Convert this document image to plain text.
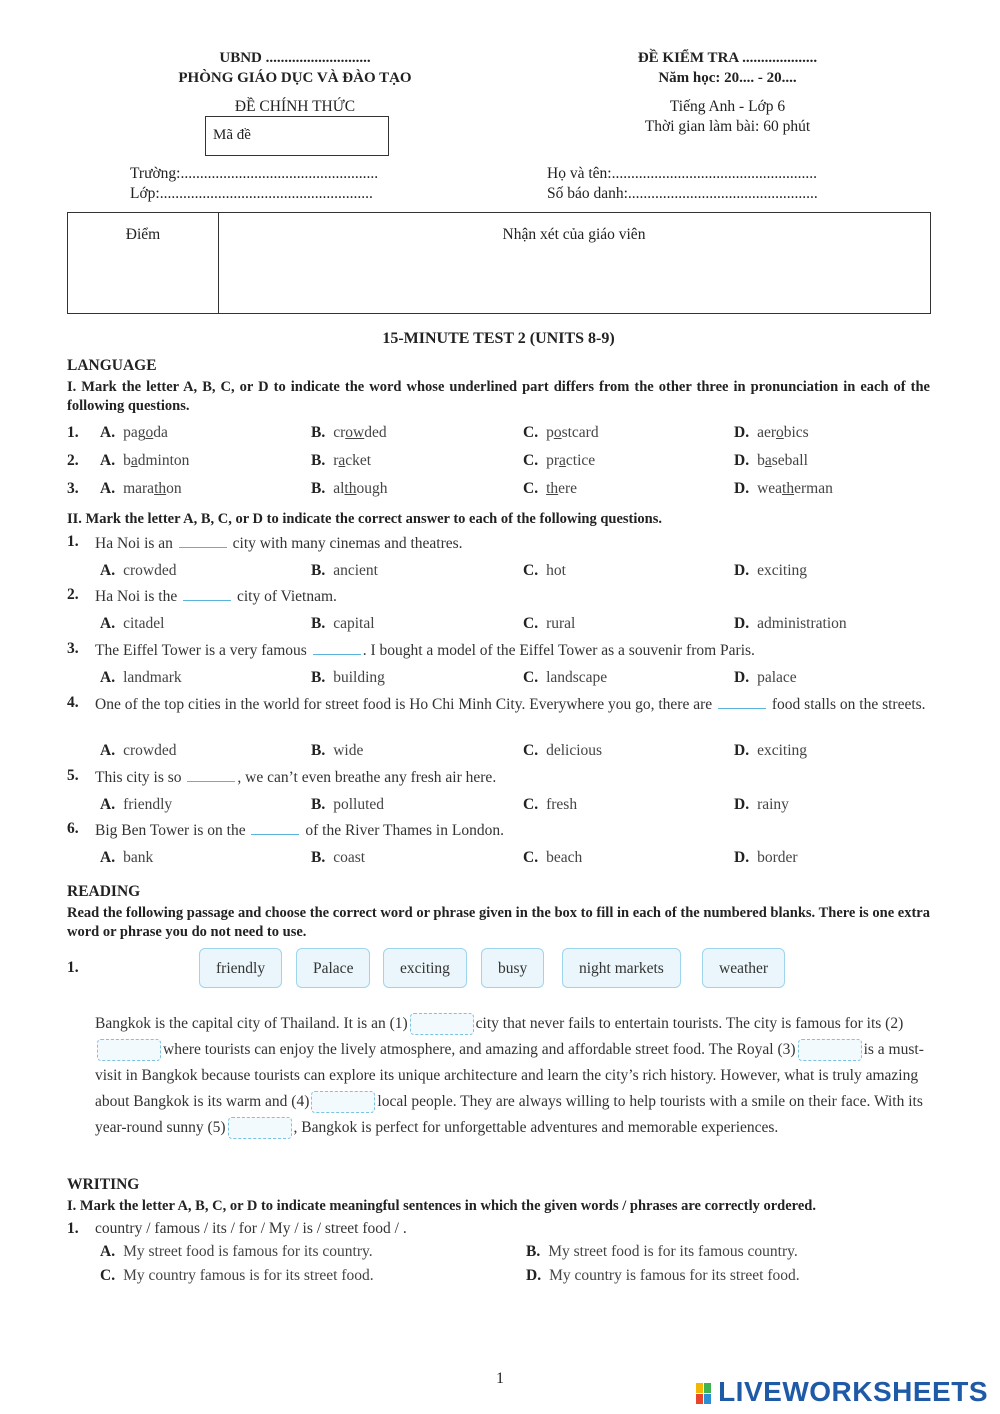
UBND ............................
PHÒNG GIÁO DỤC VÀ ĐÀO TẠO
ĐỀ CHÍNH THỨC
Mã đề
ĐỀ KIỂM TRA ....................
Năm học: 20.... - 20....
Tiếng Anh - Lớp 6
Thời gian làm bài: 60 phút
Trường:...................................................
Lớp:.......................................................
Họ và tên:.....................................................
Số báo danh:.................................................
Điểm	Nhận xét của giáo viên
15-MINUTE TEST 2 (UNITS 8-9)
LANGUAGE
I. Mark the letter A, B, C, or D to indicate the word whose underlined part differs from the other three in pronunciation in each of the following questions.
1. A. pagoda	B. crowded	C. postcard	D. aerobics
2. A. badminton	B. racket	C. practice	D. baseball
3. A. marathon	B. although	C. there	D. weatherman
II. Mark the letter A, B, C, or D to indicate the correct answer to each of the following questions.
1. Ha Noi is an	city with many cinemas and theatres.
A. crowded	B. ancient	C. hot	D. exciting
2. Ha Noi is the	city of Vietnam.
A. citadel	B. capital	C. rural	D. administration
3. The Eiffel Tower is a very famous	. I bought a model of the Eiffel Tower as a souvenir from Paris.
A. landmark	B. building	C. landscape	D. palace
4. One of the top cities in the world for street food is Ho Chi Minh City. Everywhere you go, there are	food stalls on the streets.
A. crowded	B. wide	C. delicious	D. exciting
5. This city is so	, we can’t even breathe any fresh air here.
A. friendly	B. polluted	C. fresh	D. rainy
6. Big Ben Tower is on the	of the River Thames in London.
A. bank	B. coast	C. beach	D. border
READING
Read the following passage and choose the correct word or phrase given in the box to fill in each of the numbered blanks. There is one extra word or phrase you do not need to use.
1.	friendly	Palace	exciting	busy	night markets	weather
Bangkok is the capital city of Thailand. It is an (1)	city that never fails to entertain tourists. The city is famous for its (2)where tourists can enjoy the lively atmosphere, and amazing and affordable street food. The Royal (3)	is a must-visit in Bangkok because tourists can explore its unique architecture and learn the city’s rich history. However, what is truly amazing about Bangkok is its warm and (4)	local people. They are always willing to help tourists with a smile on their face. With its year-round sunny (5)	, Bangkok is perfect for unforgettable adventures and memorable experiences.
WRITING
I. Mark the letter A, B, C, or D to indicate meaningful sentences in which the given words / phrases are correctly ordered.
1. country / famous / its / for / My / is / street food / .
A. My street food is famous for its country.	B. My street food is for its famous country.
C. My country famous is for its street food.	D. My country is famous for its street food.
1	LIVEWORKSHEETS
